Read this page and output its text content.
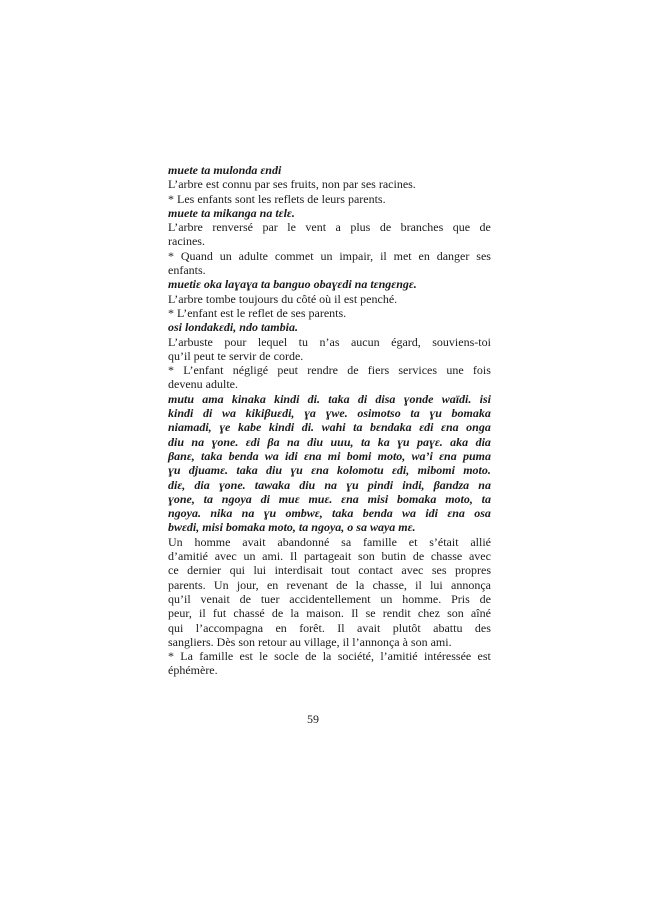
muete ta mulonda ɛndi
L’arbre est connu par ses fruits, non par ses racines.
* Les enfants sont les reflets de leurs parents.
muete ta mikanga na tɛlɛ.
L’arbre renversé par le vent a plus de branches que de
racines.
* Quand un adulte commet un impair, il met en danger ses
enfants.
muetiɛ oka laɣaɣa ta banguo obaɣɛdi na tɛngɛngɛ.
L’arbre tombe toujours du côté où il est penché.
* L’enfant est le reflet de ses parents.
osi londakɛdi, ndo tambia.
L’arbuste pour lequel tu n’as aucun égard, souviens-toi
qu’il peut te servir de corde.
* L’enfant négligé peut rendre de fiers services une fois
devenu adulte.
mutu ama kinaka kindi di. taka di disa ɣonde waïdi. isi
kindi di wa kikiβuɛdi, ɣa ɣwe. osimotso ta ɣu bomaka
niamadi, ɣe kabe kindi di. wahi ta bɛndaka ɛdi ɛna onga
diu na ɣone. ɛdi βa na diu uuu, ta ka ɣu paɣɛ. aka dia
βanɛ, taka benda wa idi ɛna mi bomi moto, wa’i ɛna puma
ɣu djuamɛ. taka diu ɣu ɛna kolomotu ɛdi, mibomi moto.
diɛ, dia ɣone. tawaka diu na ɣu pindi indi, βandza na
ɣone, ta ngoya di muɛ muɛ. ɛna misi bomaka moto, ta
ngoya. nika na ɣu ombwɛ, taka benda wa idi ɛna osa
bwɛdi, misi bomaka moto, ta ngoya, o sa waya mɛ.
Un homme avait abandonné sa famille et s’était allié
d’amitié avec un ami. Il partageait son butin de chasse avec
ce dernier qui lui interdisait tout contact avec ses propres
parents. Un jour, en revenant de la chasse, il lui annonça
qu’il venait de tuer accidentellement un homme. Pris de
peur, il fut chassé de la maison. Il se rendit chez son aîné
qui l’accompagna en forêt. Il avait plutôt abattu des
sangliers. Dès son retour au village, il l’annonça à son ami.
* La famille est le socle de la société, l’amitié intéressée est
éphémère.
59
